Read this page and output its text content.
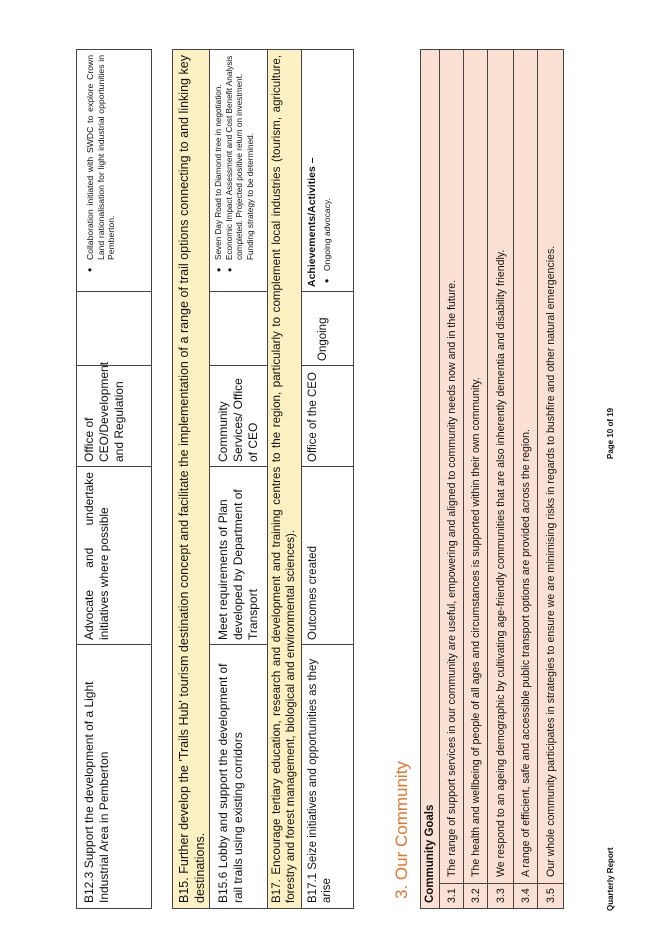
B12.3 Support the development of a Light Industrial Area in Pemberton
Advocate and undertake initiatives where possible
Office of CEO/Development and Regulation
• Collaboration initiated with SWDC to explore Crown Land rationalisation for light industrial opportunities in Pemberton.	B15. Further develop the 'Trails Hub' tourism destination concept and facilitate the implementation of a range of trail options connecting to and linking key destinations. B15.6 Lobby and support the development of rail trails using existing corridors
Meet requirements of Plan developed by Department of Transport
Community Services/ Office of CEO
• Seven Day Road to Diamond tree in negotiation. • Economic Impact Assessment and Cost Benefit Analysis completed. Projected positive return on investment. Funding strategy to be determined. B17. Encourage tertiary education, research and development and training centres to the region, particularly to complement local industries (tourism, agriculture, forestry and forest management, biological and environmental sciences). B17.1 Seize initiatives and opportunities as they arise
Outcomes created
Office of the CEO
Ongoing
Achievements/Activities – • Ongoing advocacy.
3. Our Community Community Goals 3.1
The range of support services in our community are useful, empowering and aligned to community needs now and in the future.
3.2
The health and wellbeing of people of all ages and circumstances is supported within their own community.
3.3
We respond to an ageing demographic by cultivating age-friendly communities that are also inherently dementia and disability friendly.
3.4
A range of efficient, safe and accessible public transport options are provided across the region.
3.5
Our whole community participates in strategies to ensure we are minimising risks in regards to bushfire and other natural emergencies.
Quarterly Report
Page 10 of 19
